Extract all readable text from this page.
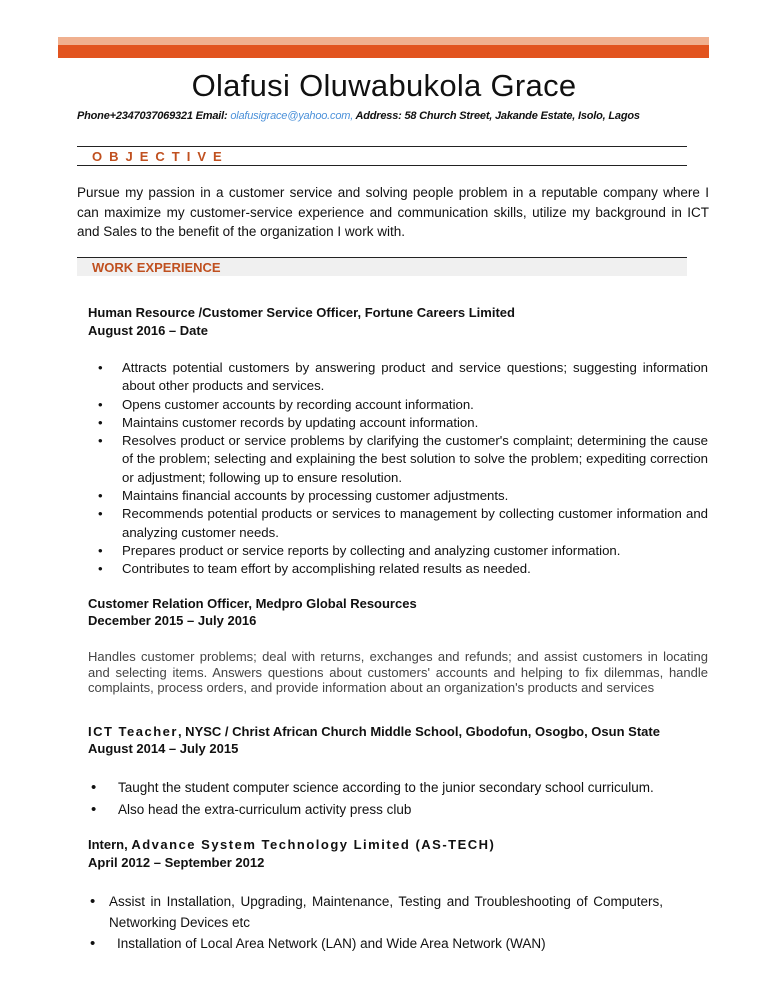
Olafusi Oluwabukola Grace
Phone+2347037069321 Email: olafusigrace@yahoo.com, Address: 58 Church Street, Jakande Estate, Isolo, Lagos
OBJECTIVE
Pursue my passion in a customer service and solving people problem in a reputable company where I can maximize my customer-service experience and communication skills, utilize my background in ICT and Sales to the benefit of the organization I work with.
WORK EXPERIENCE
Human Resource /Customer Service Officer, Fortune Careers Limited
August 2016 – Date
• Attracts potential customers by answering product and service questions; suggesting information about other products and services.
• Opens customer accounts by recording account information.
• Maintains customer records by updating account information.
• Resolves product or service problems by clarifying the customer's complaint; determining the cause of the problem; selecting and explaining the best solution to solve the problem; expediting correction or adjustment; following up to ensure resolution.
• Maintains financial accounts by processing customer adjustments.
• Recommends potential products or services to management by collecting customer information and analyzing customer needs.
• Prepares product or service reports by collecting and analyzing customer information.
• Contributes to team effort by accomplishing related results as needed.
Customer Relation Officer, Medpro Global Resources
December 2015 – July 2016
Handles customer problems; deal with returns, exchanges and refunds; and assist customers in locating and selecting items. Answers questions about customers' accounts and helping to fix dilemmas, handle complaints, process orders, and provide information about an organization's products and services
ICT Teacher, NYSC / Christ African Church Middle School, Gbodofun, Osogbo, Osun State
August 2014 – July 2015
• Taught the student computer science according to the junior secondary school curriculum.
• Also head the extra-curriculum activity press club
Intern, Advance System Technology Limited (AS-TECH)
April 2012 – September 2012
• Assist in Installation, Upgrading, Maintenance, Testing and Troubleshooting of Computers, Networking Devices etc
• Installation of Local Area Network (LAN) and Wide Area Network (WAN)
